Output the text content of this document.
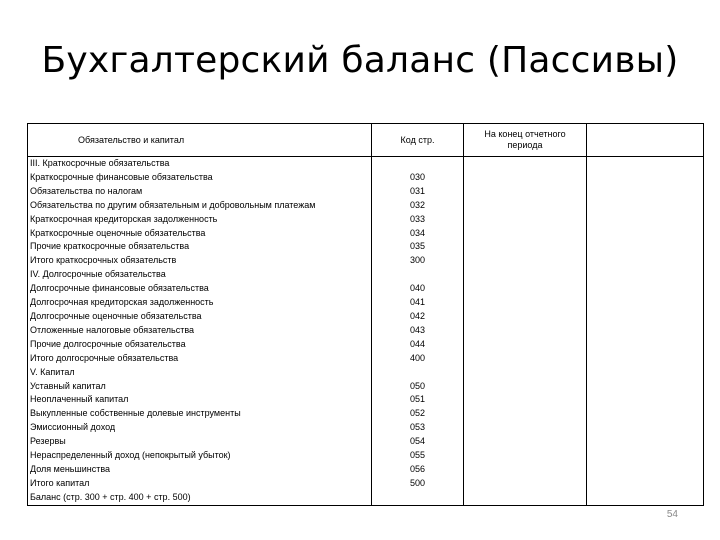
Бухгалтерский баланс (Пассивы)
Обязательство и капитал	Код стр.	На конец отчетного периода	
III. Краткосрочные обязательства			
Краткосрочные финансовые обязательства	030		
Обязательства по налогам	031		
Обязательства по другим обязательным и добровольным платежам	032		
Краткосрочная кредиторская задолженность	033		
Краткосрочные оценочные обязательства	034		
Прочие краткосрочные обязательства	035		
Итого краткосрочных обязательств	300		
IV. Долгосрочные обязательства			
Долгосрочные финансовые обязательства	040		
Долгосрочная кредиторская задолженность	041		
Долгосрочные оценочные обязательства	042		
Отложенные налоговые обязательства	043		
Прочие долгосрочные обязательства	044		
Итого долгосрочные обязательства	400		
V. Капитал			
Уставный капитал	050		
Неоплаченный капитал	051		
Выкупленные собственные долевые инструменты	052		
Эмиссионный доход	053		
Резервы	054		
Нераспределенный доход (непокрытый убыток)	055		
Доля меньшинства	056		
Итого капитал	500		
Баланс (стр. 300 + стр. 400 + стр. 500)			
54
